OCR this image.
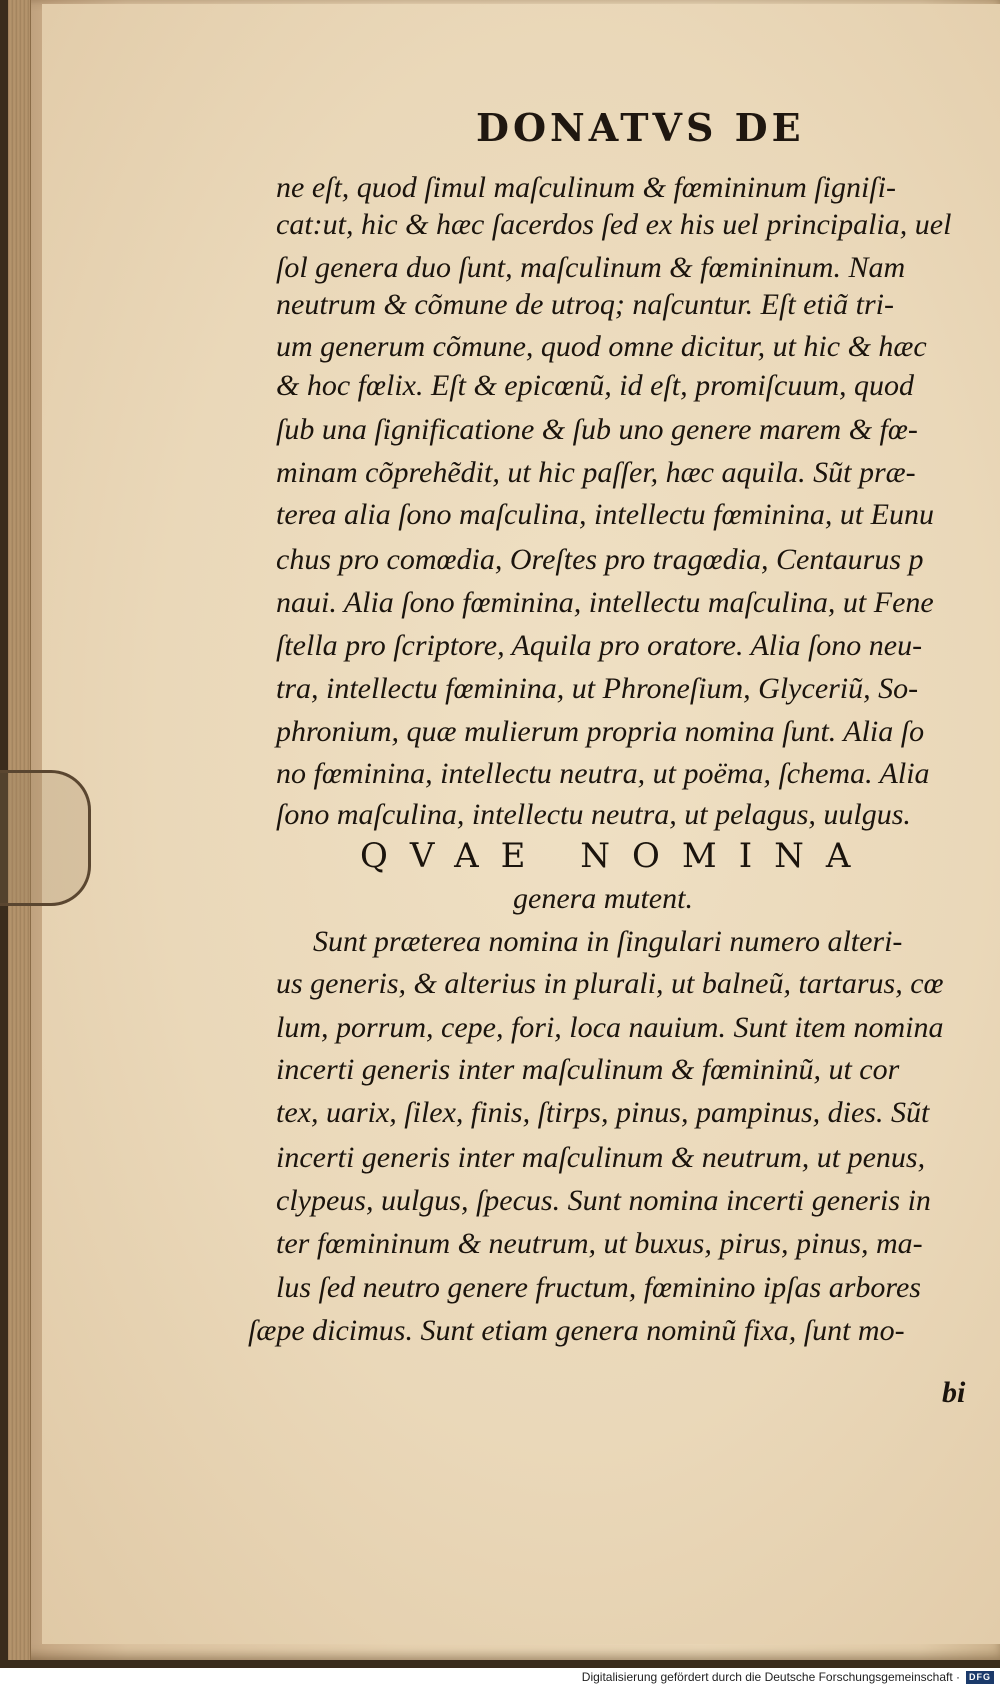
DONATVS DE

ne eſt, quod ſimul maſculinum & fœmininum ſigniſi-

cat:ut, hic & hæc ſacerdos ſed ex his uel principalia, uel

ſol genera duo ſunt, maſculinum & fœmininum. Nam

neutrum & cõmune de utroq; naſcuntur. Eſt etiã tri-

um generum cõmune, quod omne dicitur, ut hic & hæc

& hoc fœlix. Eſt & epicœnũ, id eſt, promiſcuum, quod

ſub una ſignificatione & ſub uno genere marem & fœ-

minam cõprehẽdit, ut hic paſſer, hæc aquila. Sũt præ-

terea alia ſono maſculina, intellectu fœminina, ut Eunu

chus pro comœdia, Oreſtes pro tragœdia, Centaurus p

naui. Alia ſono fœminina, intellectu maſculina, ut Fene

ſtella pro ſcriptore, Aquila pro oratore. Alia ſono neu-

tra, intellectu fœminina, ut Phroneſium, Glyceriũ, So-

phronium, quæ mulierum propria nomina ſunt. Alia ſo

no fœminina, intellectu neutra, ut poëma, ſchema. Alia

ſono maſculina, intellectu neutra, ut pelagus, uulgus.

QVAE NOMINA

genera mutent.

Sunt præterea nomina in ſingulari numero alteri-

us generis, & alterius in plurali, ut balneũ, tartarus, cœ

lum, porrum, cepe, fori, loca nauium. Sunt item nomina

incerti generis inter maſculinum & fœmininũ, ut cor

tex, uarix, ſilex, finis, ſtirps, pinus, pampinus, dies. Sũt

incerti generis inter maſculinum & neutrum, ut penus,

clypeus, uulgus, ſpecus. Sunt nomina incerti generis in

ter fœmininum & neutrum, ut buxus, pirus, pinus, ma-

lus ſed neutro genere fructum, fœminino ipſas arbores

ſæpe dicimus. Sunt etiam genera nominũ fixa, ſunt mo-

bi

Digitalisierung gefördert durch die Deutsche Forschungsgemeinschaft ·	DFG
